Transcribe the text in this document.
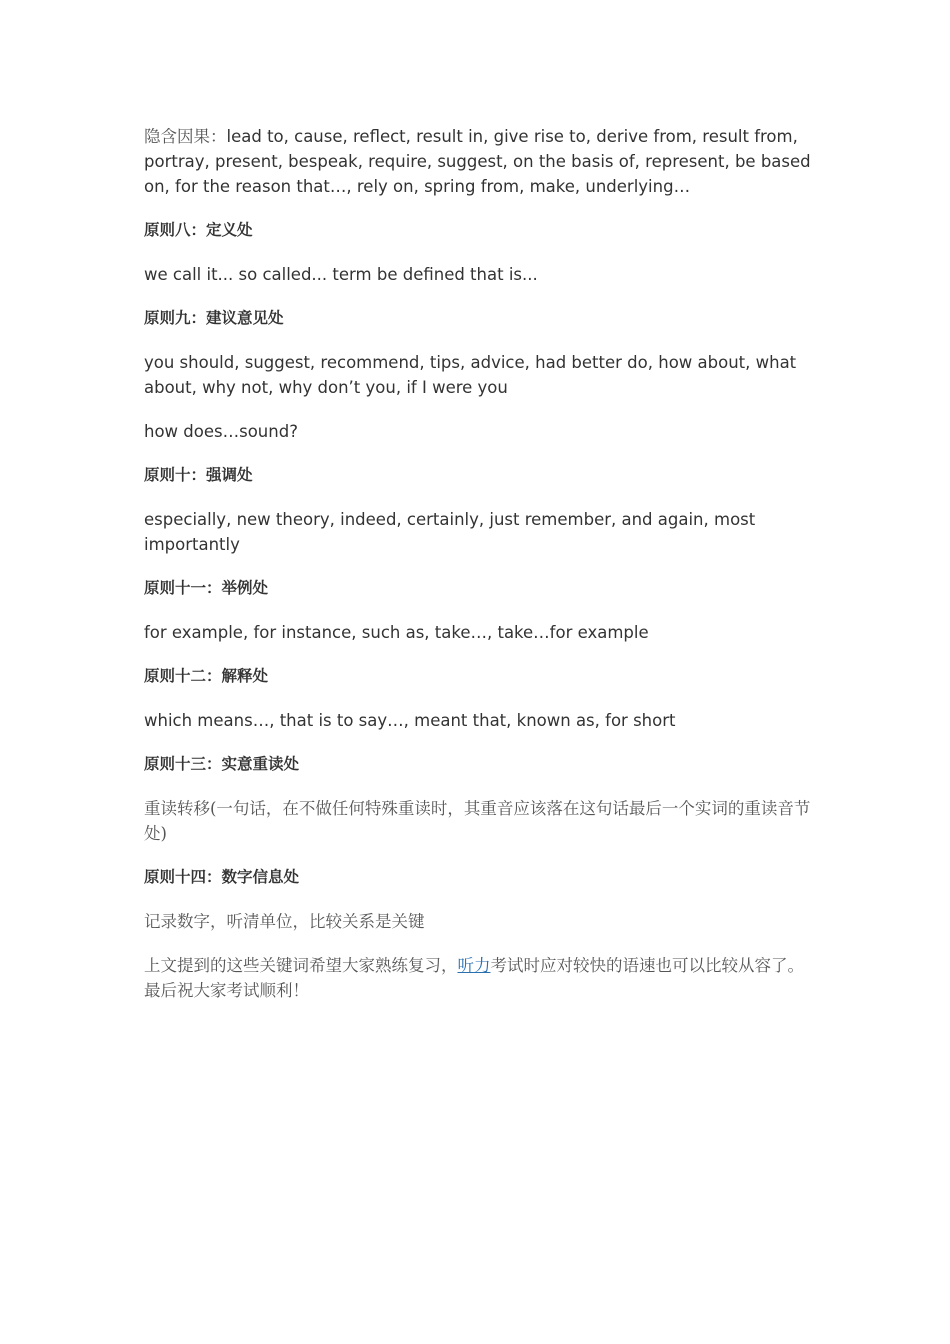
隐含因果：lead to, cause, reflect, result in, give rise to, derive from, result from, portray, present, bespeak, require, suggest, on the basis of, represent, be based on, for the reason that…, rely on, spring from, make, underlying…

原则八：定义处

we call it... so called... term be defined that is...

原则九：建议意见处

you should, suggest, recommend, tips, advice, had better do, how about, what about, why not, why don’t you, if I were you

how does…sound?

原则十：强调处

especially, new theory, indeed, certainly, just remember, and again, most importantly

原则十一：举例处

for example, for instance, such as, take…, take…for example

原则十二：解释处

which means…, that is to say…, meant that, known as, for short

原则十三：实意重读处

重读转移(一句话，在不做任何特殊重读时，其重音应该落在这句话最后一个实词的重读音节处)

原则十四：数字信息处

记录数字，听清单位，比较关系是关键

上文提到的这些关键词希望大家熟练复习，听力考试时应对较快的语速也可以比较从容了。最后祝大家考试顺利！
